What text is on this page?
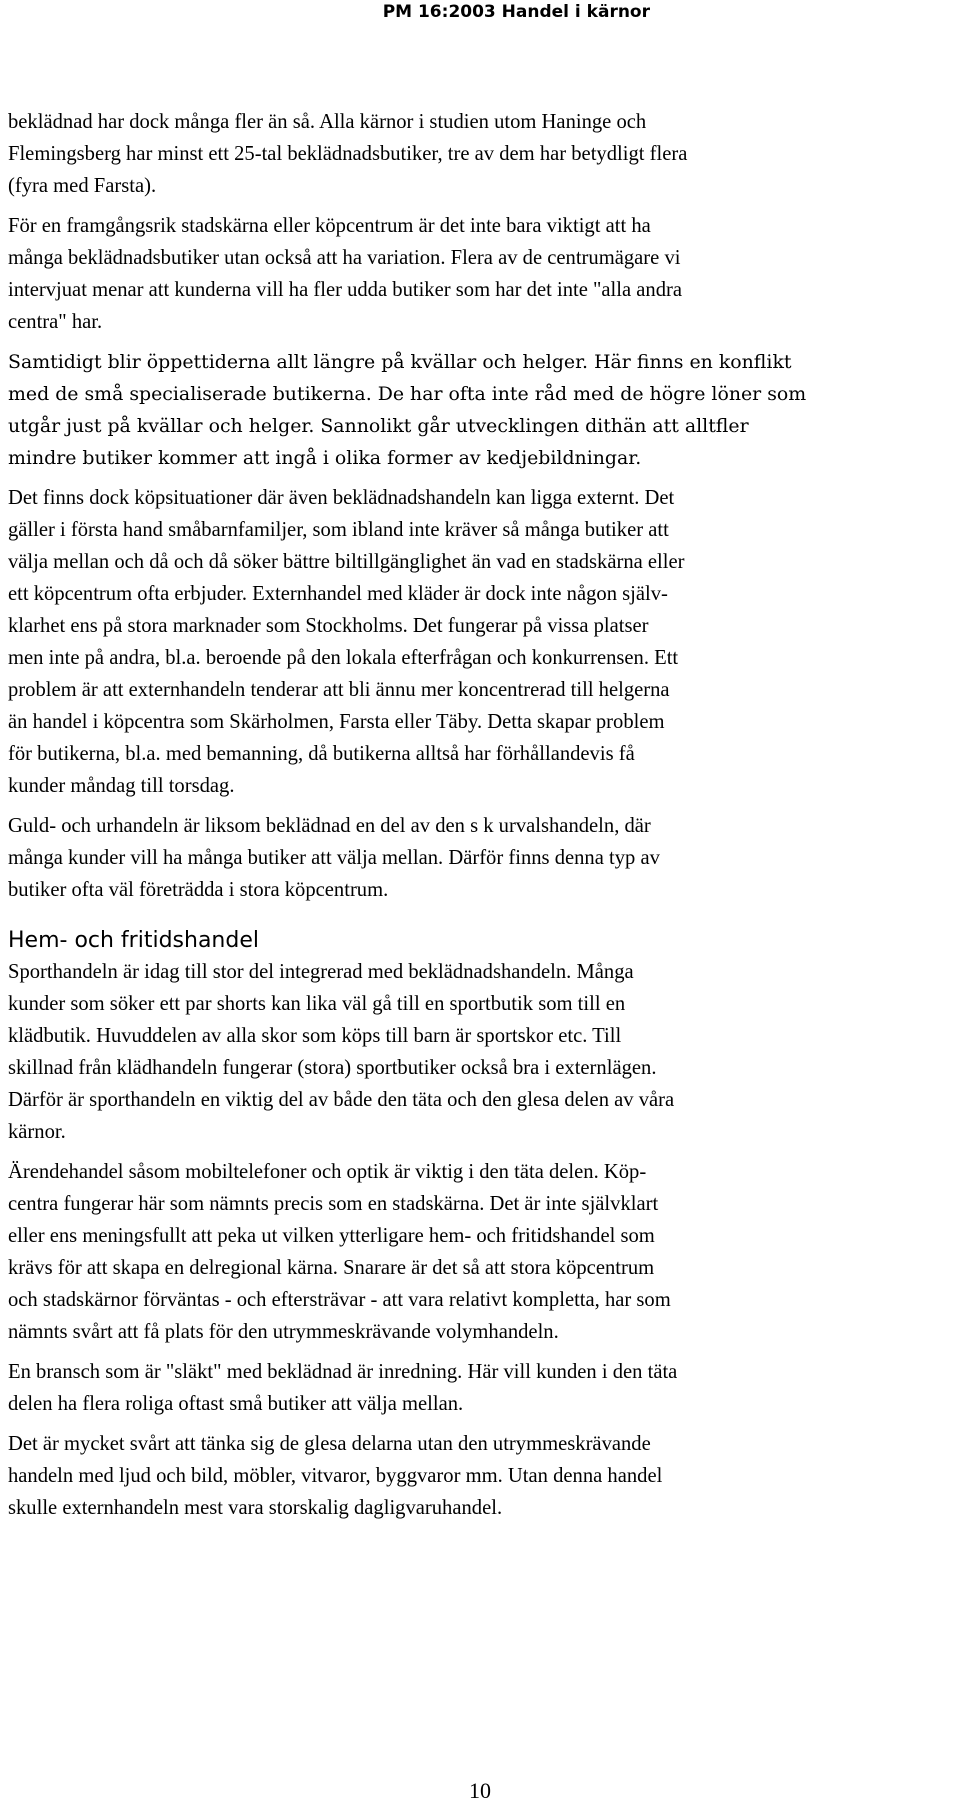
PM 16:2003 Handel i kärnor

beklädnad har dock många fler än så. Alla kärnor i studien utom Haninge och
Flemingsberg har minst ett 25-tal beklädnadsbutiker, tre av dem har betydligt flera
(fyra med Farsta).

För en framgångsrik stadskärna eller köpcentrum är det inte bara viktigt att ha
många beklädnadsbutiker utan också att ha variation. Flera av de centrumägare vi
intervjuat menar att kunderna vill ha fler udda butiker som har det inte "alla andra
centra" har.

Samtidigt blir öppettiderna allt längre på kvällar och helger. Här finns en konflikt
med de små specialiserade butikerna. De har ofta inte råd med de högre löner som
utgår just på kvällar och helger. Sannolikt går utvecklingen dithän att alltfler
mindre butiker kommer att ingå i olika former av kedjebildningar.

Det finns dock köpsituationer där även beklädnadshandeln kan ligga externt. Det
gäller i första hand småbarnfamiljer, som ibland inte kräver så många butiker att
välja mellan och då och då söker bättre biltillgänglighet än vad en stadskärna eller
ett köpcentrum ofta erbjuder. Externhandel med kläder är dock inte någon själv-
klarhet ens på stora marknader som Stockholms. Det fungerar på vissa platser
men inte på andra, bl.a. beroende på den lokala efterfrågan och konkurrensen. Ett
problem är att externhandeln tenderar att bli ännu mer koncentrerad till helgerna
än handel i köpcentra som Skärholmen, Farsta eller Täby. Detta skapar problem
för butikerna, bl.a. med bemanning, då butikerna alltså har förhållandevis få
kunder måndag till torsdag.

Guld- och urhandeln är liksom beklädnad en del av den s k urvalshandeln, där
många kunder vill ha många butiker att välja mellan. Därför finns denna typ av
butiker ofta väl företrädda i stora köpcentrum.

Hem- och fritidshandel

Sporthandeln är idag till stor del integrerad med beklädnadshandeln. Många
kunder som söker ett par shorts kan lika väl gå till en sportbutik som till en
klädbutik. Huvuddelen av alla skor som köps till barn är sportskor etc. Till
skillnad från klädhandeln fungerar (stora) sportbutiker också bra i externlägen.
Därför är sporthandeln en viktig del av både den täta och den glesa delen av våra
kärnor.

Ärendehandel såsom mobiltelefoner och optik är viktig i den täta delen. Köp-
centra fungerar här som nämnts precis som en stadskärna. Det är inte självklart
eller ens meningsfullt att peka ut vilken ytterligare hem- och fritidshandel som
krävs för att skapa en delregional kärna. Snarare är det så att stora köpcentrum
och stadskärnor förväntas - och eftersträvar - att vara relativt kompletta, har som
nämnts svårt att få plats för den utrymmeskrävande volymhandeln.

En bransch som är "släkt" med beklädnad är inredning. Här vill kunden i den täta
delen ha flera roliga oftast små butiker att välja mellan.

Det är mycket svårt att tänka sig de glesa delarna utan den utrymmeskrävande
handeln med ljud och bild, möbler, vitvaror, byggvaror mm. Utan denna handel
skulle externhandeln mest vara storskalig dagligvaruhandel.

10
